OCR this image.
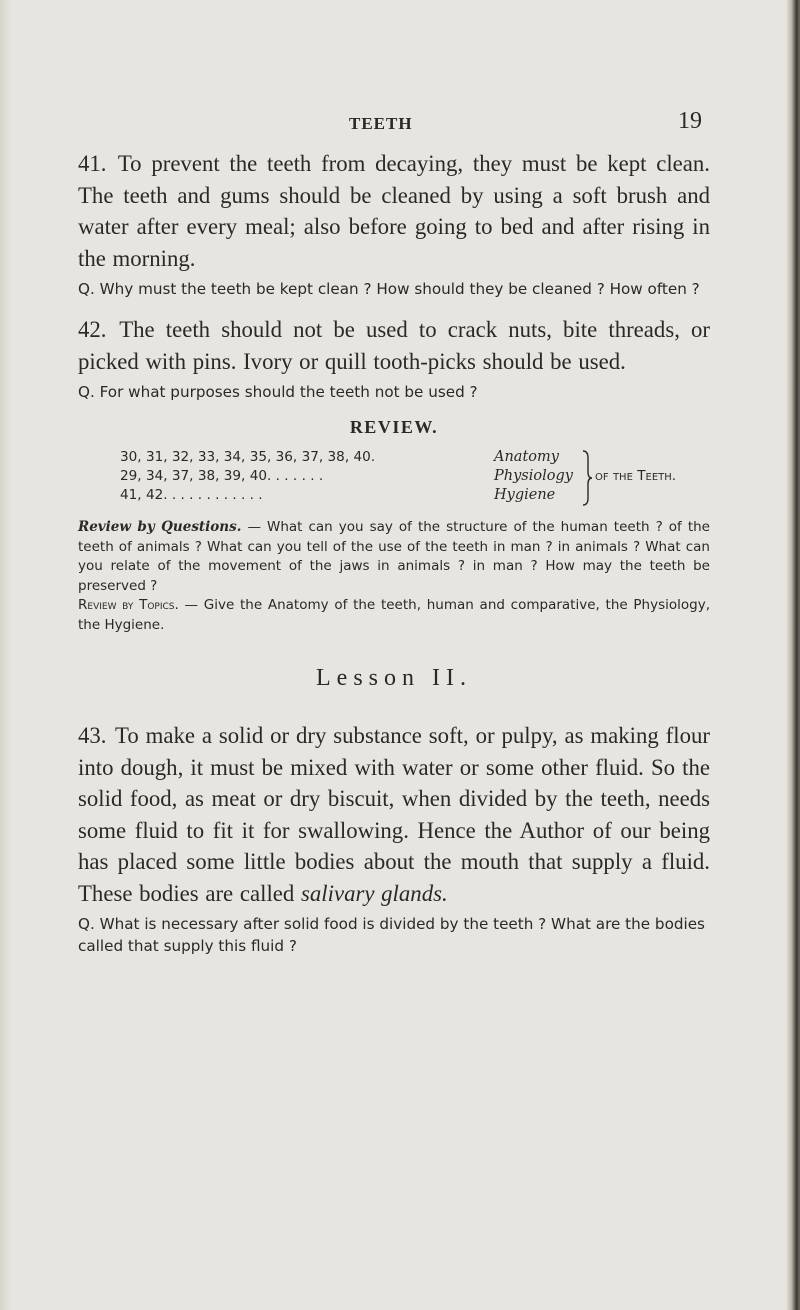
TEETH	19

41. To prevent the teeth from decaying, they must be kept clean. The teeth and gums should be cleaned by using a soft brush and water after every meal; also before going to bed and after rising in the morning.

Q. Why must the teeth be kept clean ? How should they be cleaned ? How often ?

42. The teeth should not be used to crack nuts, bite threads, or picked with pins. Ivory or quill tooth-picks should be used.

Q. For what purposes should the teeth not be used ?

REVIEW.
30, 31, 32, 33, 34, 35, 36, 37, 38, 40.	Anatomy
29, 34, 37, 38, 39, 40. . . . . . .	Physiology
41, 42. . . . . . . . . . . .	Hygiene
of the Teeth.

Review by Questions. — What can you say of the structure of the human teeth ? of the teeth of animals ? What can you tell of the use of the teeth in man ? in animals ? What can you relate of the movement of the jaws in animals ? in man ? How may the teeth be preserved ?

Review by Topics. — Give the Anatomy of the teeth, human and comparative, the Physiology, the Hygiene.

Lesson II.

43. To make a solid or dry substance soft, or pulpy, as making flour into dough, it must be mixed with water or some other fluid. So the solid food, as meat or dry biscuit, when divided by the teeth, needs some fluid to fit it for swallowing. Hence the Author of our being has placed some little bodies about the mouth that supply a fluid. These bodies are called salivary glands.

Q. What is necessary after solid food is divided by the teeth ? What are the bodies called that supply this fluid ?
